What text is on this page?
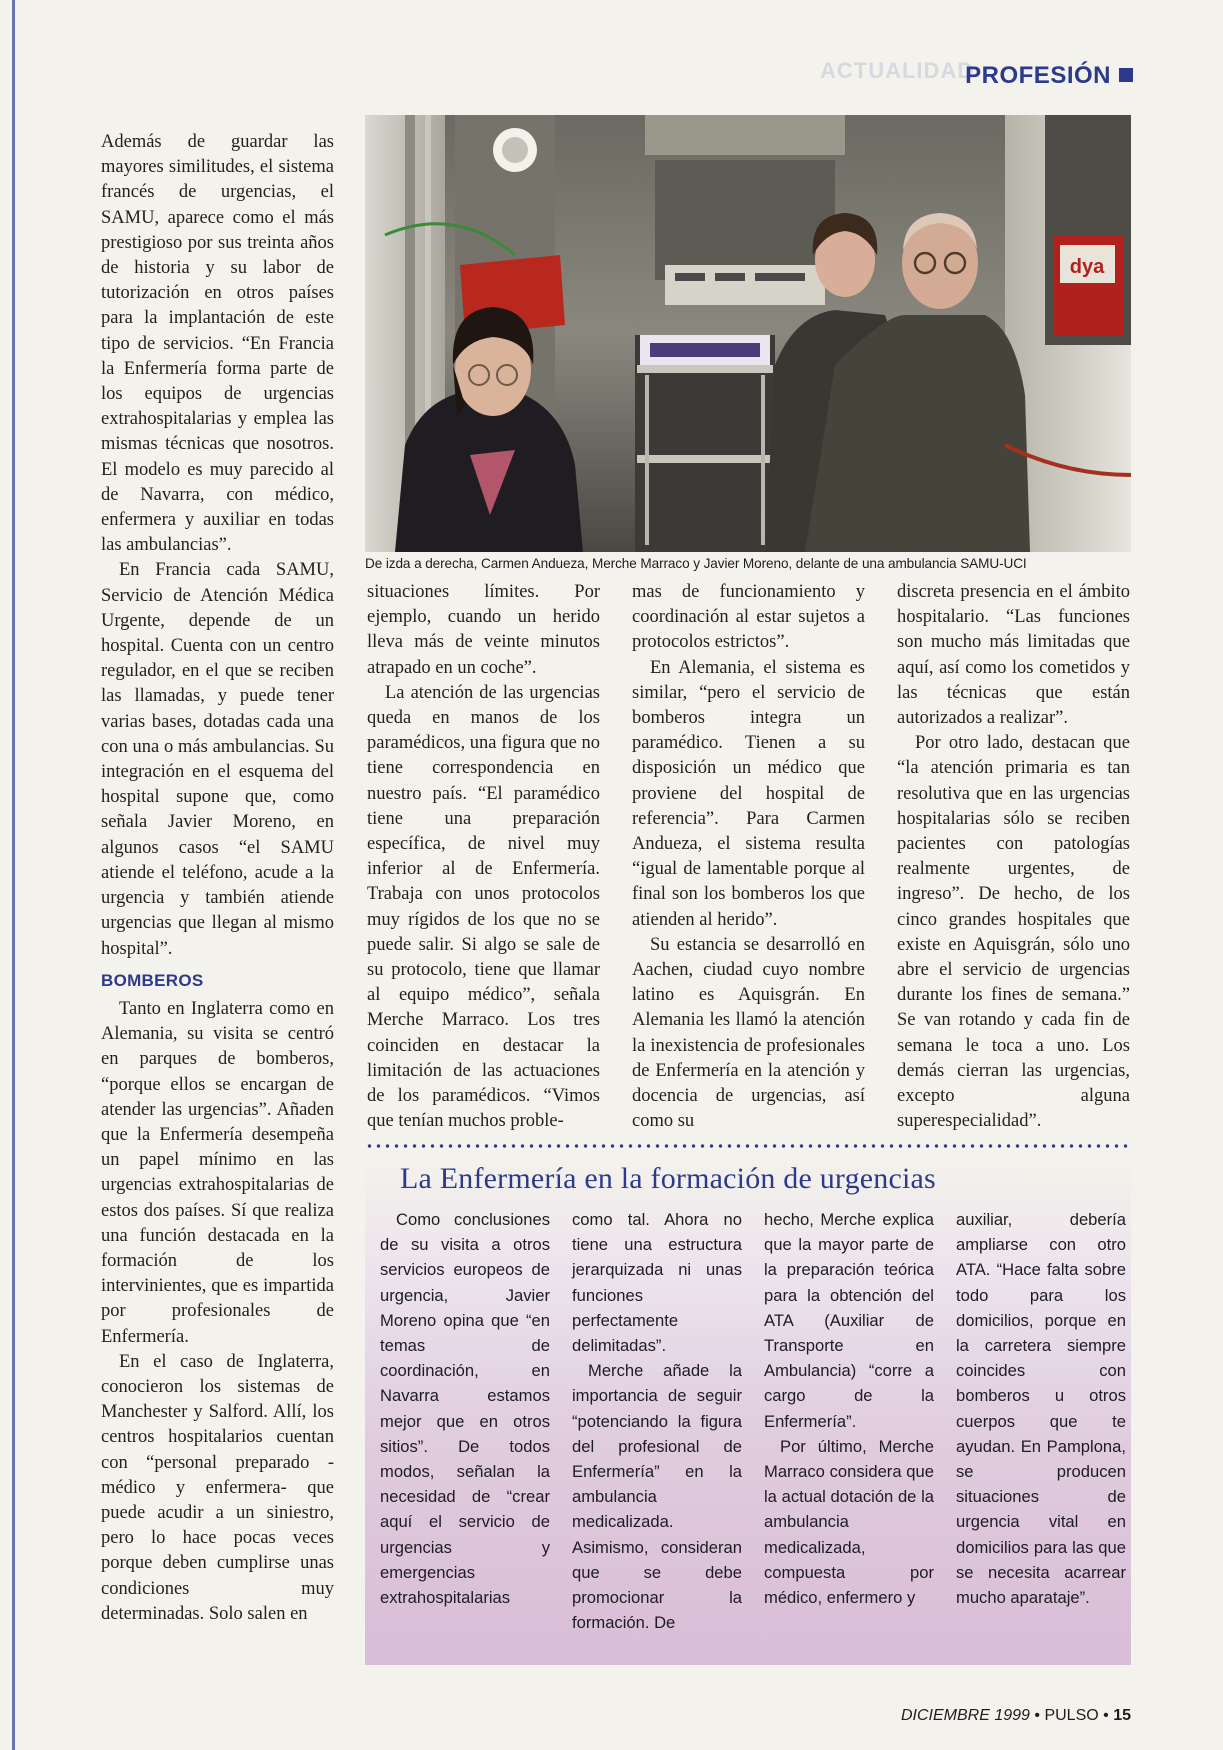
ACTUALIDAD
PROFESIÓN

Además de guardar las mayores similitudes, el sistema francés de urgencias, el SAMU, aparece como el más prestigioso por sus treinta años de historia y su labor de tutorización en otros países para la implantación de este tipo de servicios. “En Francia la Enfermería forma parte de los equipos de urgencias extrahospitalarias y emplea las mismas técnicas que nosotros. El modelo es muy parecido al de Navarra, con médico, enfermera y auxiliar en todas las ambulancias”.

En Francia cada SAMU, Servicio de Atención Médica Urgente, depende de un hospital. Cuenta con un centro regulador, en el que se reciben las llamadas, y puede tener varias bases, dotadas cada una con una o más ambulancias. Su integración en el esquema del hospital supone que, como señala Javier Moreno, en algunos casos “el SAMU atiende el teléfono, acude a la urgencia y también atiende urgencias que llegan al mismo hospital”.

BOMBEROS

Tanto en Inglaterra como en Alemania, su visita se centró en parques de bomberos, “porque ellos se encargan de atender las urgencias”. Añaden que la Enfermería desempeña un papel mínimo en las urgencias extrahospitalarias de estos dos países. Sí que realiza una función destacada en la formación de los intervinientes, que es impartida por profesionales de Enfermería.

En el caso de Inglaterra, conocieron los sistemas de Manchester y Salford. Allí, los centros hospitalarios cuentan con “personal preparado -médico y enfermera- que puede acudir a un siniestro, pero lo hace pocas veces porque deben cumplirse unas condiciones muy determinadas. Solo salen en

dya
De izda a derecha, Carmen Andueza, Merche Marraco y Javier Moreno, delante de una ambulancia SAMU-UCI

situaciones límites. Por ejemplo, cuando un herido lleva más de veinte minutos atrapado en un coche”.

La atención de las urgencias queda en manos de los paramédicos, una figura que no tiene correspondencia en nuestro país. “El paramédico tiene una preparación específica, de nivel muy inferior al de Enfermería. Trabaja con unos protocolos muy rígidos de los que no se puede salir. Si algo se sale de su protocolo, tiene que llamar al equipo médico”, señala Merche Marraco. Los tres coinciden en destacar la limitación de las actuaciones de los paramédicos. “Vimos que tenían muchos proble-

mas de funcionamiento y coordinación al estar sujetos a protocolos estrictos”.

En Alemania, el sistema es similar, “pero el servicio de bomberos integra un paramédico. Tienen a su disposición un médico que proviene del hospital de referencia”. Para Carmen Andueza, el sistema resulta “igual de lamentable porque al final son los bomberos los que atienden al herido”.

Su estancia se desarrolló en Aachen, ciudad cuyo nombre latino es Aquisgrán. En Alemania les llamó la atención la inexistencia de profesionales de Enfermería en la atención y docencia de urgencias, así como su

discreta presencia en el ámbito hospitalario. “Las funciones son mucho más limitadas que aquí, así como los cometidos y las técnicas que están autorizados a realizar”.

Por otro lado, destacan que “la atención primaria es tan resolutiva que en las urgencias hospitalarias sólo se reciben pacientes con patologías realmente urgentes, de ingreso”. De hecho, de los cinco grandes hospitales que existe en Aquisgrán, sólo uno abre el servicio de urgencias durante los fines de semana.” Se van rotando y cada fin de semana le toca a uno. Los demás cierran las urgencias, excepto alguna superespecialidad”.

La Enfermería en la formación de urgencias

Como conclusiones de su visita a otros servicios europeos de urgencia, Javier Moreno opina que “en temas de coordinación, en Navarra estamos mejor que en otros sitios”. De todos modos, señalan la necesidad de “crear aquí el servicio de urgencias y emergencias extrahospitalarias

como tal. Ahora no tiene una estructura jerarquizada ni unas funciones perfectamente delimitadas”.

Merche añade la importancia de seguir “potenciando la figura del profesional de Enfermería” en la ambulancia medicalizada. Asimismo, consideran que se debe promocionar la formación. De

hecho, Merche explica que la mayor parte de la preparación teórica para la obtención del ATA (Auxiliar de Transporte en Ambulancia) “corre a cargo de la Enfermería”.

Por último, Merche Marraco considera que la actual dotación de la ambulancia medicalizada, compuesta por médico, enfermero y

auxiliar, debería ampliarse con otro ATA. “Hace falta sobre todo para los domicilios, porque en la carretera siempre coincides con bomberos u otros cuerpos que te ayudan. En Pamplona, se producen situaciones de urgencia vital en domicilios para las que se necesita acarrear mucho aparataje”.

DICIEMBRE 1999 • PULSO • 15
